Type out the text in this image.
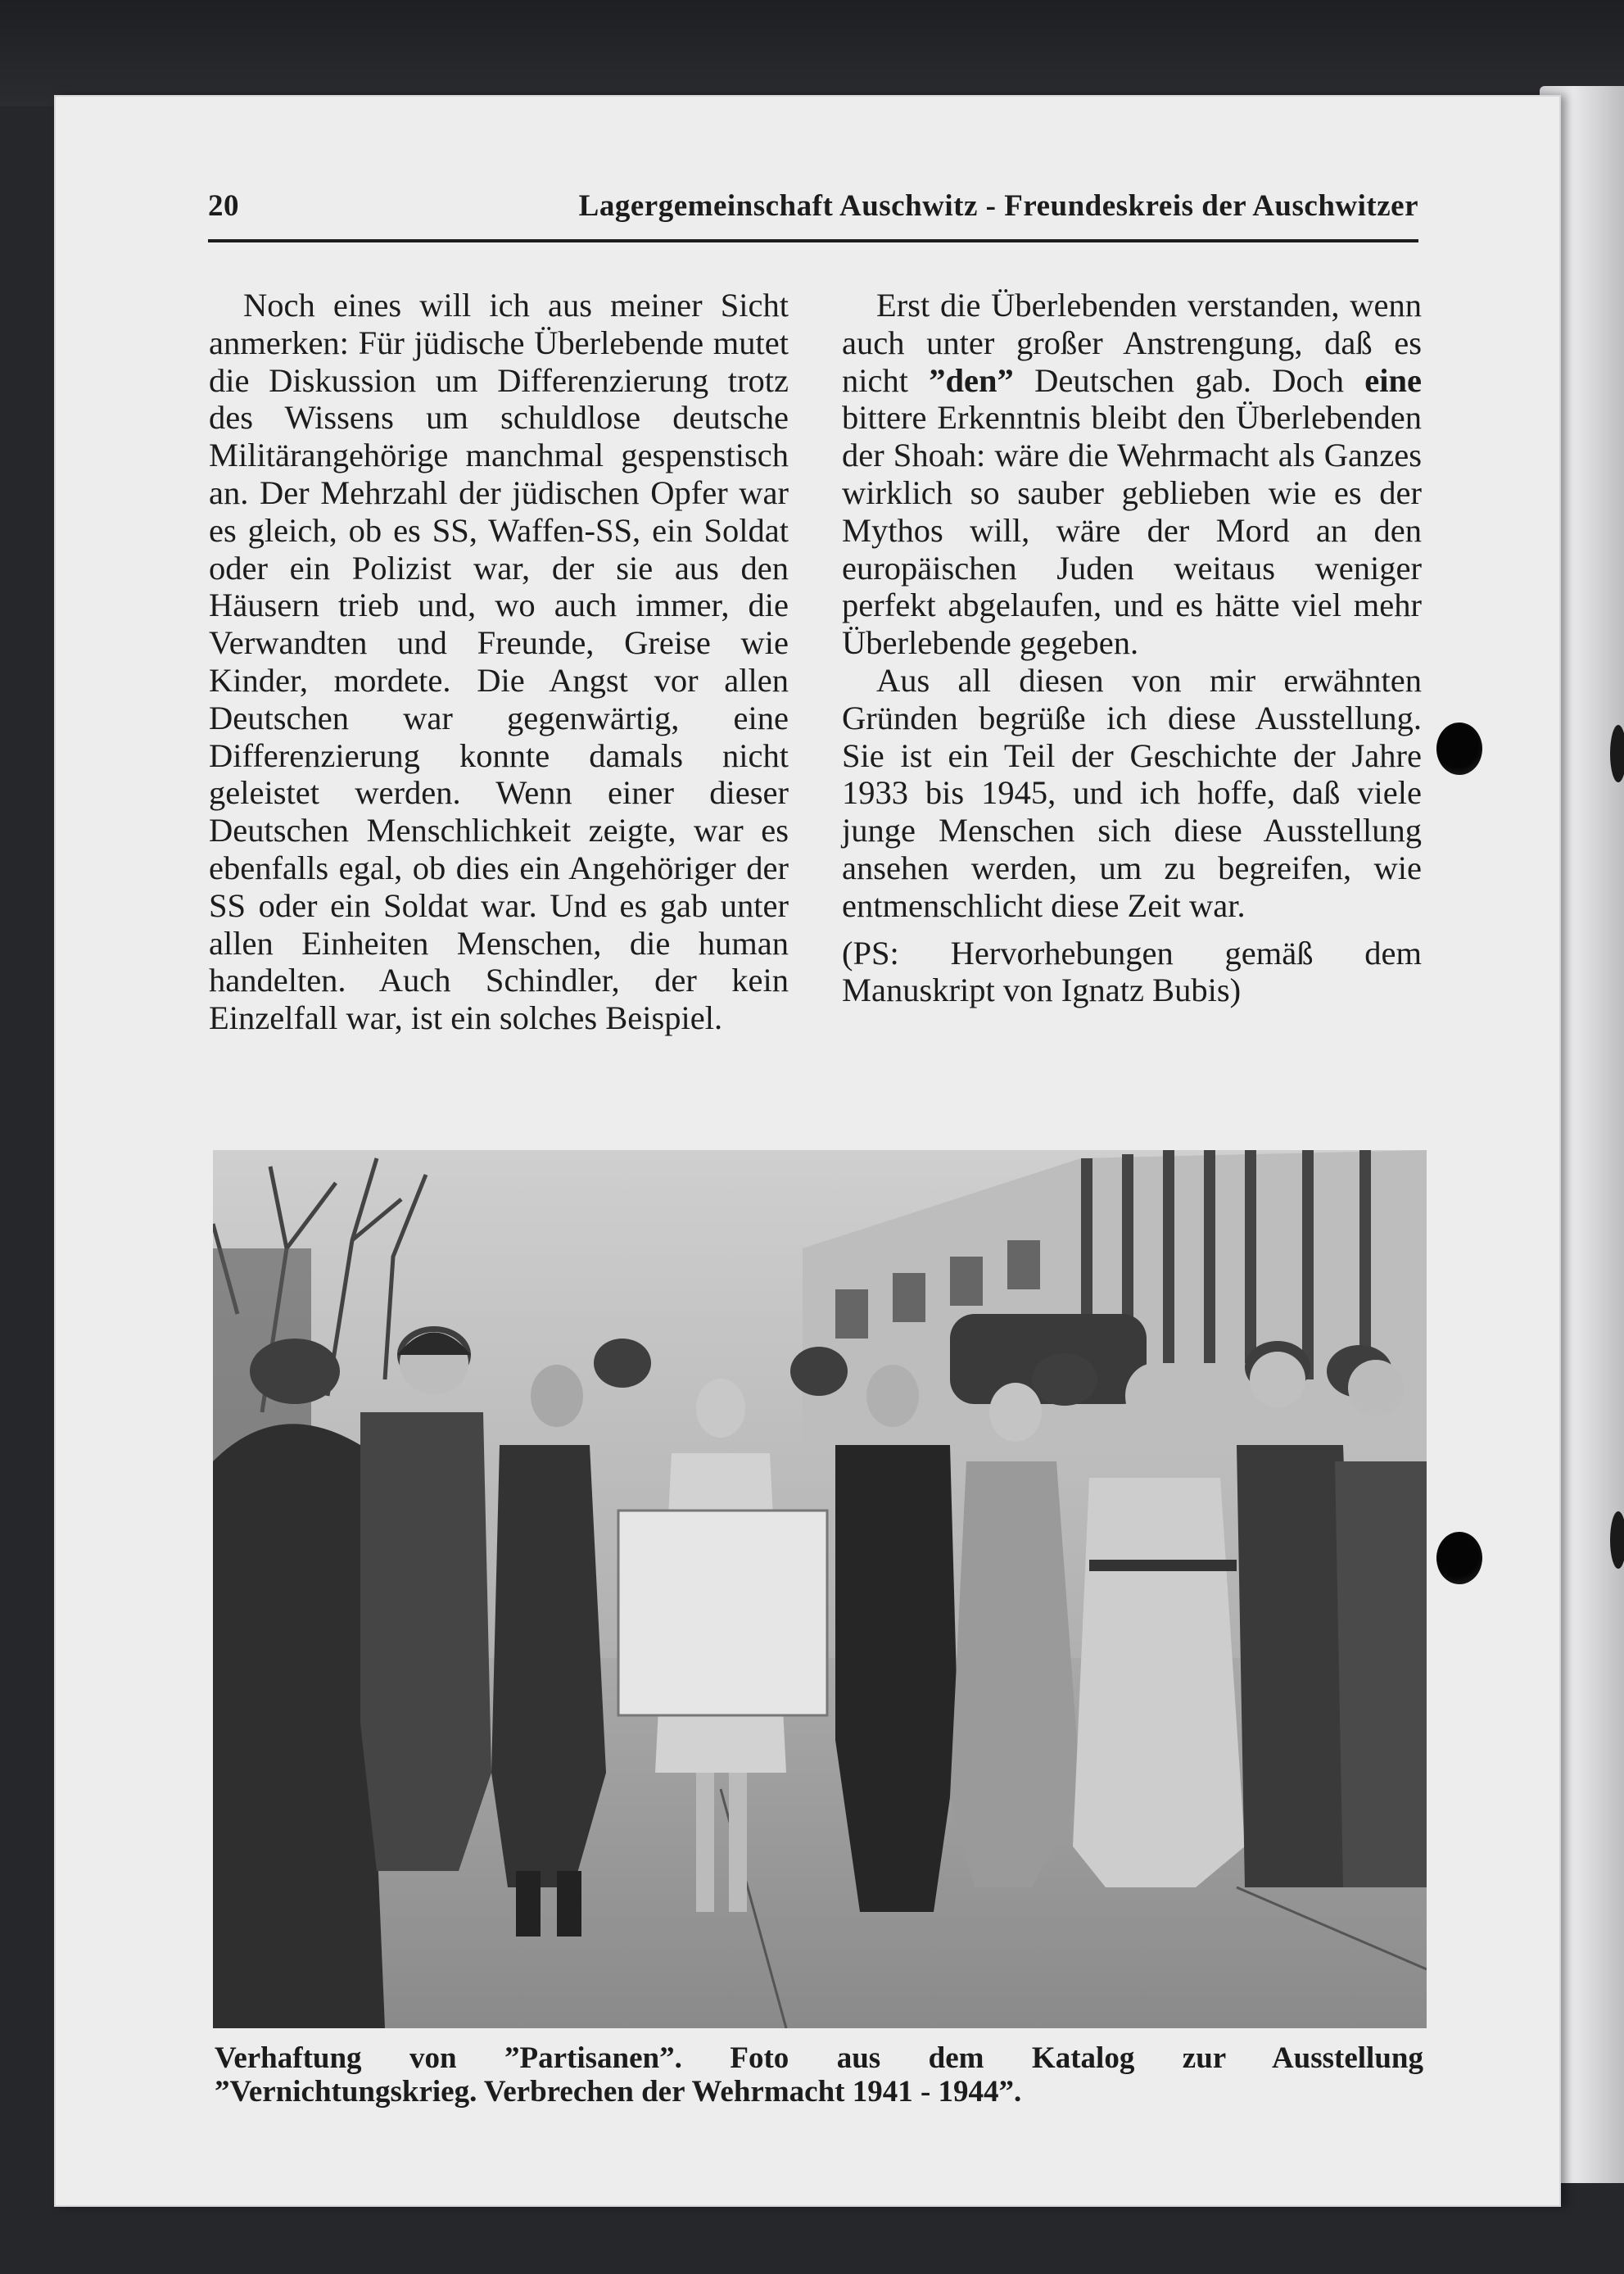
20	Lagergemeinschaft Auschwitz - Freundeskreis der Auschwitzer

Noch eines will ich aus meiner Sicht anmerken: Für jüdische Überlebende mutet die Diskussion um Differenzierung trotz des Wissens um schuldlose deutsche Militärangehörige manchmal gespenstisch an. Der Mehrzahl der jüdischen Opfer war es gleich, ob es SS, Waffen-SS, ein Soldat oder ein Polizist war, der sie aus den Häusern trieb und, wo auch immer, die Verwandten und Freunde, Greise wie Kinder, mordete. Die Angst vor allen Deutschen war gegenwärtig, eine Differenzierung konnte damals nicht geleistet werden. Wenn einer dieser Deutschen Menschlichkeit zeigte, war es ebenfalls egal, ob dies ein Angehöriger der SS oder ein Soldat war. Und es gab unter allen Einheiten Menschen, die human handelten. Auch Schindler, der kein Einzelfall war, ist ein solches Beispiel.

Erst die Überlebenden verstanden, wenn auch unter großer Anstrengung, daß es nicht ”den” Deutschen gab. Doch eine bittere Erkenntnis bleibt den Überlebenden der Shoah: wäre die Wehrmacht als Ganzes wirklich so sauber geblieben wie es der Mythos will, wäre der Mord an den europäischen Juden weitaus weniger perfekt abgelaufen, und es hätte viel mehr Überlebende gegeben.

Aus all diesen von mir erwähnten Gründen begrüße ich diese Ausstellung. Sie ist ein Teil der Geschichte der Jahre 1933 bis 1945, und ich hoffe, daß viele junge Menschen sich diese Ausstellung ansehen werden, um zu begreifen, wie entmenschlicht diese Zeit war.

(PS: Hervorhebungen gemäß dem Manuskript von Ignatz Bubis)

Verhaftung von ”Partisanen”. Foto aus dem Katalog zur Ausstellung
”Vernichtungskrieg. Verbrechen der Wehrmacht 1941 - 1944”.
